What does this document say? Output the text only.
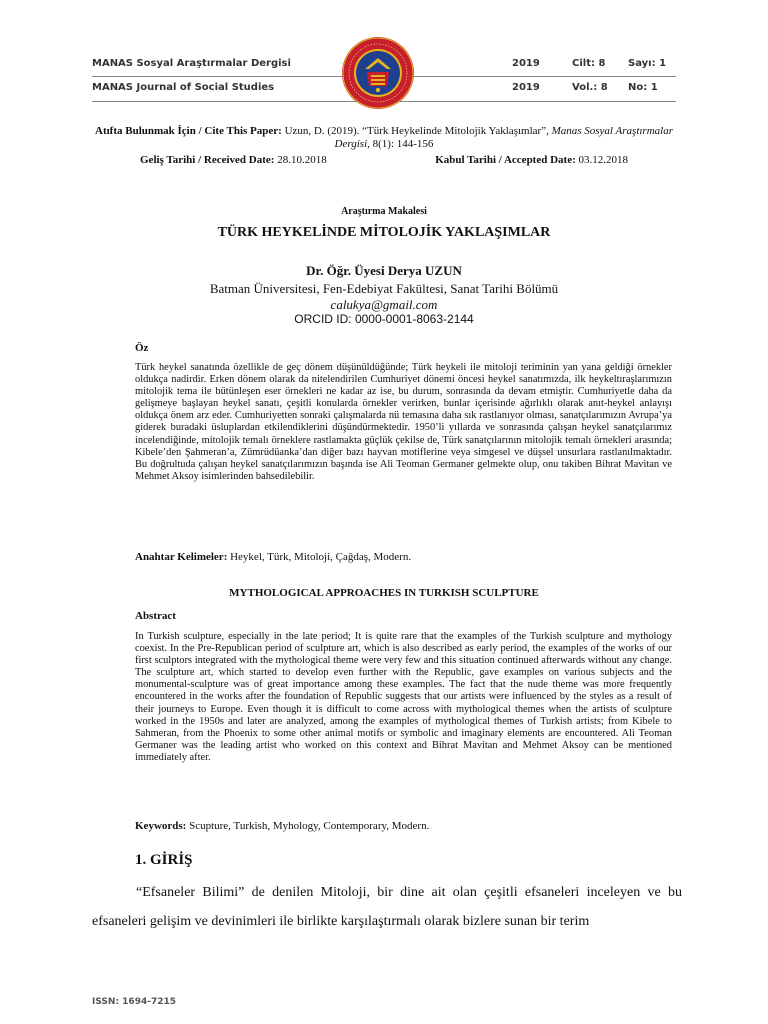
MANAS Sosyal Araştırmalar Dergisi	2019	Cilt: 8 Sayı: 1
MANAS Journal of Social Studies	2019	Vol.: 8 No: 1
Atıfta Bulunmak İçin / Cite This Paper: Uzun, D. (2019). “Türk Heykelinde Mitolojik Yaklaşımlar”, Manas Sosyal Araştırmalar Dergisi, 8(1): 144-156
Geliş Tarihi / Received Date: 28.10.2018	Kabul Tarihi / Accepted Date: 03.12.2018
Araştırma Makalesi
TÜRK HEYKELİNDE MİTOLOJİK YAKLAŞIMLAR
Dr. Öğr. Üyesi Derya UZUN
Batman Üniversitesi, Fen-Edebiyat Fakültesi, Sanat Tarihi Bölümü
calukya@gmail.com
ORCID ID: 0000-0001-8063-2144
Öz
Türk heykel sanatında özellikle de geç dönem düşünüldüğünde; Türk heykeli ile mitoloji teriminin yan yana geldiği örnekler oldukça nadirdir. Erken dönem olarak da nitelendirilen Cumhuriyet dönemi öncesi heykel sanatımızda, ilk heykeltıraşlarımızın mitolojik tema ile bütünleşen eser örnekleri ne kadar az ise, bu durum, sonrasında da devam etmiştir. Cumhuriyetle daha da gelişmeye başlayan heykel sanatı, çeşitli konularda örnekler verirken, bunlar içerisinde ağırlıklı olarak anıt-heykel anlayışı oldukça önem arz eder. Cumhuriyetten sonraki çalışmalarda nü temasına daha sık rastlanıyor olması, sanatçılarımızın Avrupa’ya giderek buradaki üsluplardan etkilendiklerini düşündürmektedir. 1950’li yıllarda ve sonrasında çalışan heykel sanatçılarımız incelendiğinde, mitolojik temalı örneklere rastlamakta güçlük çekilse de, Türk sanatçılarının mitolojik temalı örnekleri arasında; Kibele’den Şahmeran’a, Zümrüdüanka’dan diğer bazı hayvan motiflerine veya simgesel ve düşsel unsurlara rastlanılmaktadır. Bu doğrultuda çalışan heykel sanatçılarımızın başında ise Ali Teoman Germaner gelmekte olup, onu takiben Bihrat Mavitan ve Mehmet Aksoy isimlerinden bahsedilebilir.
Anahtar Kelimeler: Heykel, Türk, Mitoloji, Çağdaş, Modern.
MYTHOLOGICAL APPROACHES IN TURKISH SCULPTURE
Abstract
In Turkish sculpture, especially in the late period; It is quite rare that the examples of the Turkish sculpture and mythology coexist. In the Pre-Republican period of sculpture art, which is also described as early period, the examples of the works of our first sculptors integrated with the mythological theme were very few and this situation continued afterwards without any change. The sculpture art, which started to develop even further with the Republic, gave examples on various subjects and the monumental-sculpture was of great importance among these examples. The fact that the nude theme was more frequently encountered in the works after the foundation of Republic suggests that our artists were influenced by the styles as a result of their journeys to Europe. Even though it is difficult to come across with mythological themes when the artists of sculpture worked in the 1950s and later are analyzed, among the examples of mythological themes of Turkish artists; from Kibele to Sahmeran, from the Phoenix to some other animal motifs or symbolic and imaginary elements are encountered. Ali Teoman Germaner was the leading artist who worked on this context and Bihrat Mavitan and Mehmet Aksoy can be mentioned immediately after.
Keywords: Scupture, Turkish, Myhology, Contemporary, Modern.
1. GİRİŞ
“Efsaneler Bilimi” de denilen Mitoloji, bir dine ait olan çeşitli efsaneleri inceleyen ve bu efsaneleri gelişim ve devinimleri ile birlikte karşılaştırmalı olarak bizlere sunan bir terim
ISSN: 1694-7215
